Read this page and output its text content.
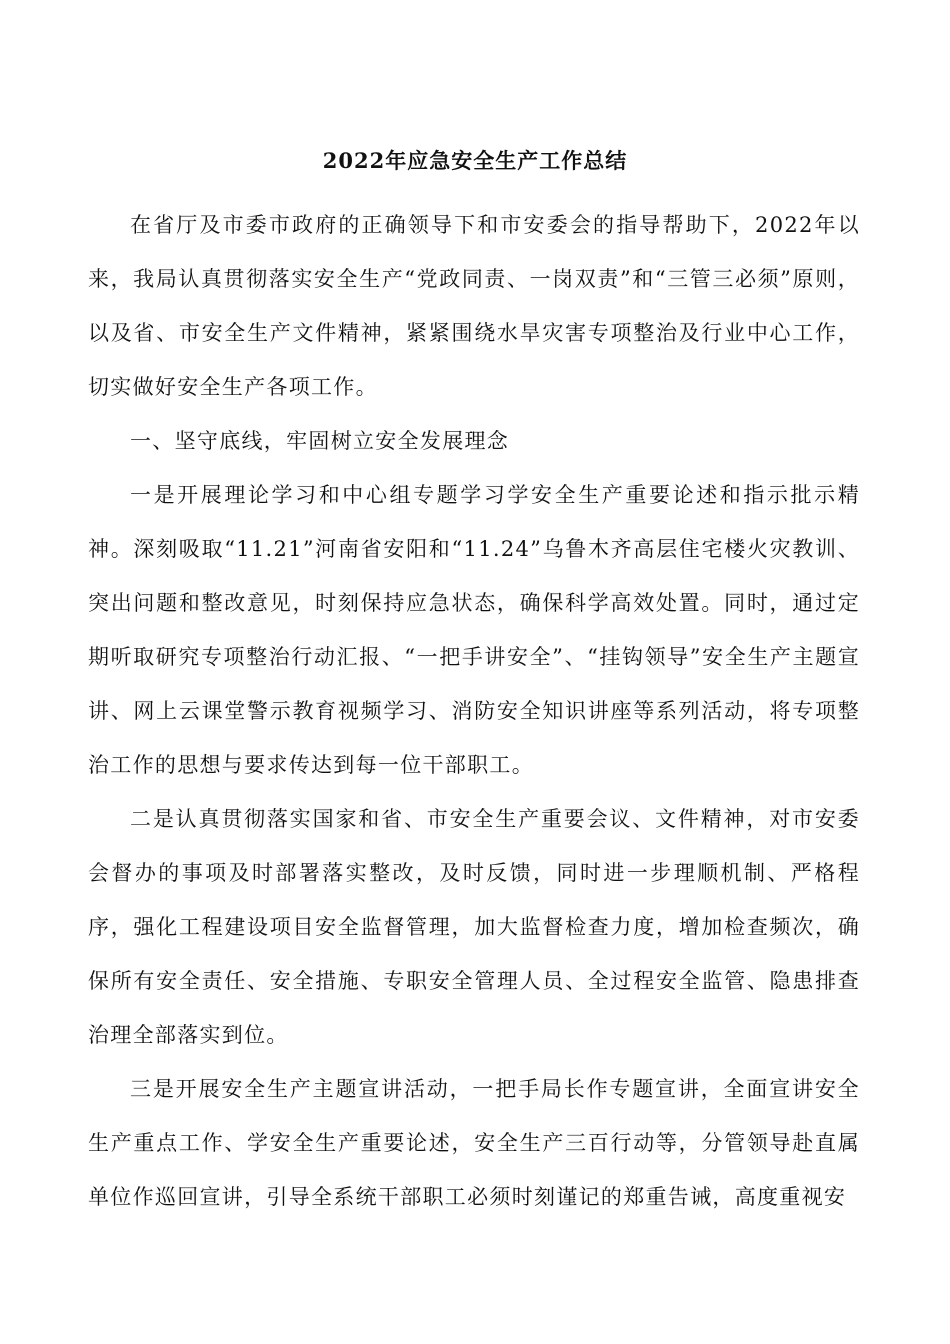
2022年应急安全生产工作总结

在省厅及市委市政府的正确领导下和市安委会的指导帮助下，2022年以来，我局认真贯彻落实安全生产“党政同责、一岗双责”和“三管三必须”原则，以及省、市安全生产文件精神，紧紧围绕水旱灾害专项整治及行业中心工作，切实做好安全生产各项工作。

一、坚守底线，牢固树立安全发展理念

一是开展理论学习和中心组专题学习学安全生产重要论述和指示批示精神。深刻吸取“11.21”河南省安阳和“11.24”乌鲁木齐高层住宅楼火灾教训、突出问题和整改意见，时刻保持应急状态，确保科学高效处置。同时，通过定期听取研究专项整治行动汇报、“一把手讲安全”、“挂钩领导”安全生产主题宣讲、网上云课堂警示教育视频学习、消防安全知识讲座等系列活动，将专项整治工作的思想与要求传达到每一位干部职工。

二是认真贯彻落实国家和省、市安全生产重要会议、文件精神，对市安委会督办的事项及时部署落实整改，及时反馈，同时进一步理顺机制、严格程序，强化工程建设项目安全监督管理，加大监督检查力度，增加检查频次，确保所有安全责任、安全措施、专职安全管理人员、全过程安全监管、隐患排查治理全部落实到位。

三是开展安全生产主题宣讲活动，一把手局长作专题宣讲，全面宣讲安全生产重点工作、学安全生产重要论述，安全生产三百行动等，分管领导赴直属单位作巡回宣讲，引导全系统干部职工必须时刻谨记的郑重告诫，高度重视安
